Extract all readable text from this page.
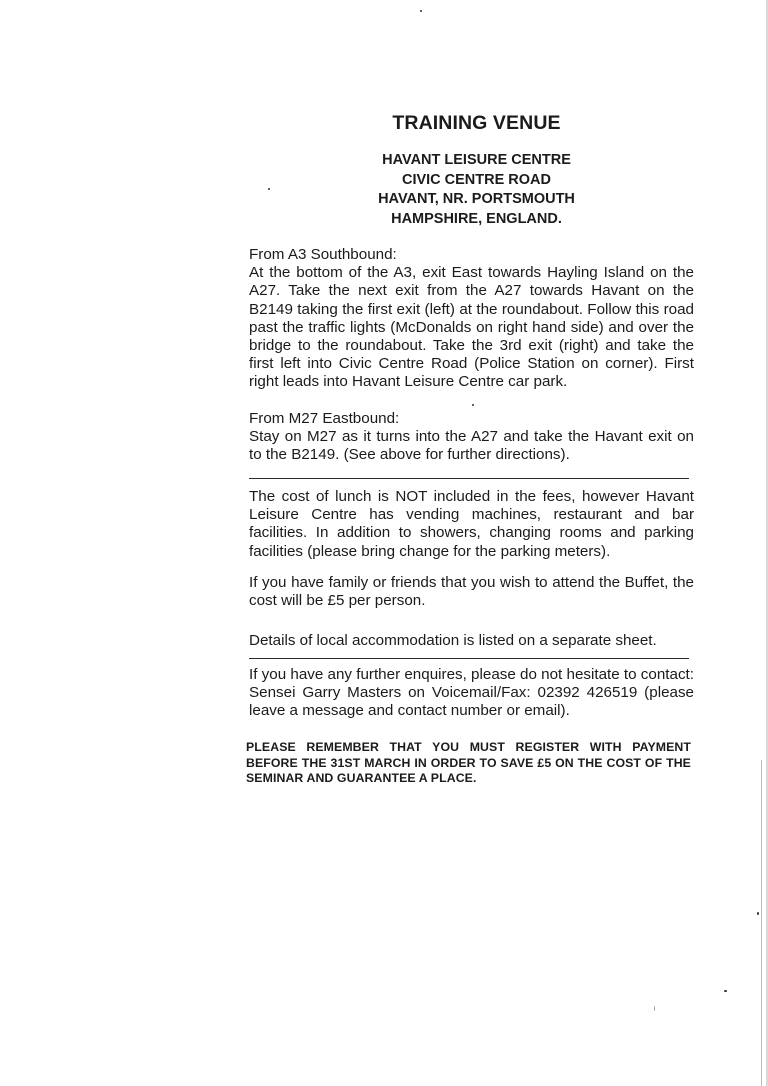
TRAINING VENUE
HAVANT LEISURE CENTRE
CIVIC CENTRE ROAD
HAVANT, NR. PORTSMOUTH
HAMPSHIRE, ENGLAND.
From A3 Southbound:
At the bottom of the A3, exit East towards Hayling Island on the A27. Take the next exit from the A27 towards Havant on the B2149 taking the first exit (left) at the roundabout. Follow this road past the traffic lights (McDonalds on right hand side) and over the bridge to the roundabout. Take the 3rd exit (right) and take the first left into Civic Centre Road (Police Station on corner). First right leads into Havant Leisure Centre car park.
From M27 Eastbound:
Stay on M27 as it turns into the A27 and take the Havant exit on to the B2149. (See above for further directions).
The cost of lunch is NOT included in the fees, however Havant Leisure Centre has vending machines, restaurant and bar facilities. In addition to showers, changing rooms and parking facilities (please bring change for the parking meters).
If you have family or friends that you wish to attend the Buffet, the cost will be £5 per person.
Details of local accommodation is listed on a separate sheet.
If you have any further enquires, please do not hesitate to contact: Sensei Garry Masters on Voicemail/Fax: 02392 426519 (please leave a message and contact number or email).
PLEASE REMEMBER THAT YOU MUST REGISTER WITH PAYMENT BEFORE THE 31ST MARCH IN ORDER TO SAVE £5 ON THE COST OF THE SEMINAR AND GUARANTEE A PLACE.
